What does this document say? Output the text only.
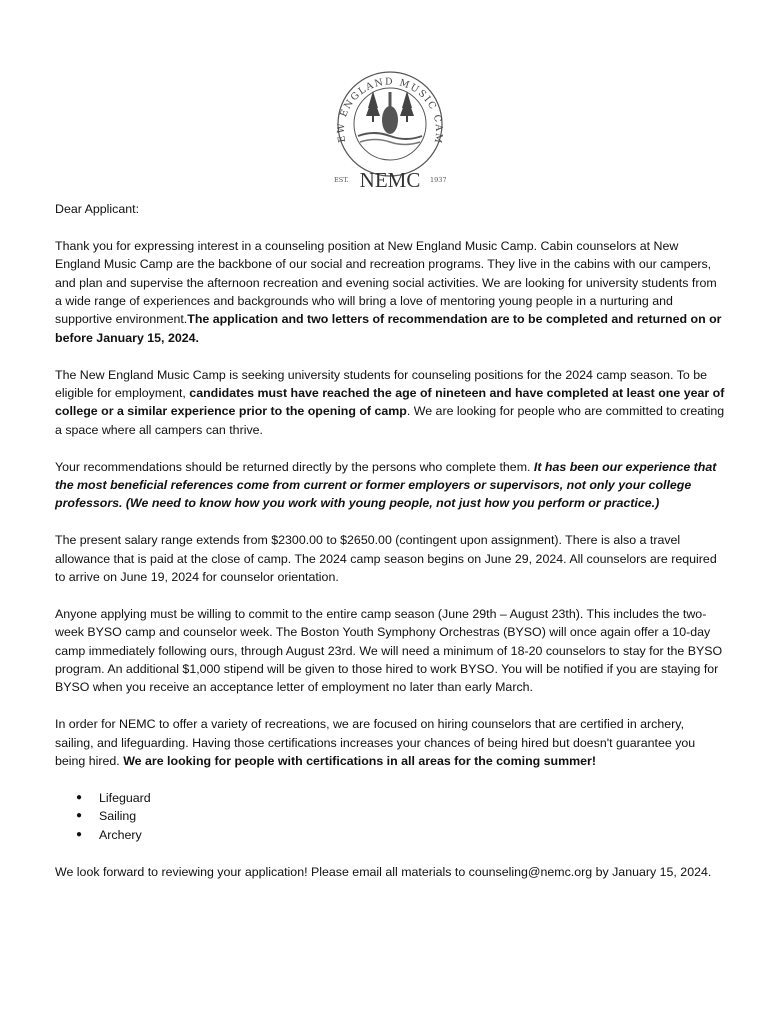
EW ENGLAND MUSIC CAM
EST. NEMC 1937

Dear Applicant:

Thank you for expressing interest in a counseling position at New England Music Camp. Cabin counselors at New England Music Camp are the backbone of our social and recreation programs. They live in the cabins with our campers, and plan and supervise the afternoon recreation and evening social activities. We are looking for university students from a wide range of experiences and backgrounds who will bring a love of mentoring young people in a nurturing and supportive environment.The application and two letters of recommendation are to be completed and returned on or before January 15, 2024.

The New England Music Camp is seeking university students for counseling positions for the 2024 camp season. To be eligible for employment, candidates must have reached the age of nineteen and have completed at least one year of college or a similar experience prior to the opening of camp. We are looking for people who are committed to creating a space where all campers can thrive.

Your recommendations should be returned directly by the persons who complete them. It has been our experience that the most beneficial references come from current or former employers or supervisors, not only your college professors. (We need to know how you work with young people, not just how you perform or practice.)

The present salary range extends from $2300.00 to $2650.00 (contingent upon assignment). There is also a travel allowance that is paid at the close of camp. The 2024 camp season begins on June 29, 2024. All counselors are required to arrive on June 19, 2024 for counselor orientation.

Anyone applying must be willing to commit to the entire camp season (June 29th – August 23th). This includes the two-week BYSO camp and counselor week. The Boston Youth Symphony Orchestras (BYSO) will once again offer a 10-day camp immediately following ours, through August 23rd. We will need a minimum of 18-20 counselors to stay for the BYSO program. An additional $1,000 stipend will be given to those hired to work BYSO. You will be notified if you are staying for BYSO when you receive an acceptance letter of employment no later than early March.

In order for NEMC to offer a variety of recreations, we are focused on hiring counselors that are certified in archery, sailing, and lifeguarding. Having those certifications increases your chances of being hired but doesn't guarantee you being hired. We are looking for people with certifications in all areas for the coming summer!

● Lifeguard
● Sailing
● Archery

We look forward to reviewing your application! Please email all materials to counseling@nemc.org by January 15, 2024.
